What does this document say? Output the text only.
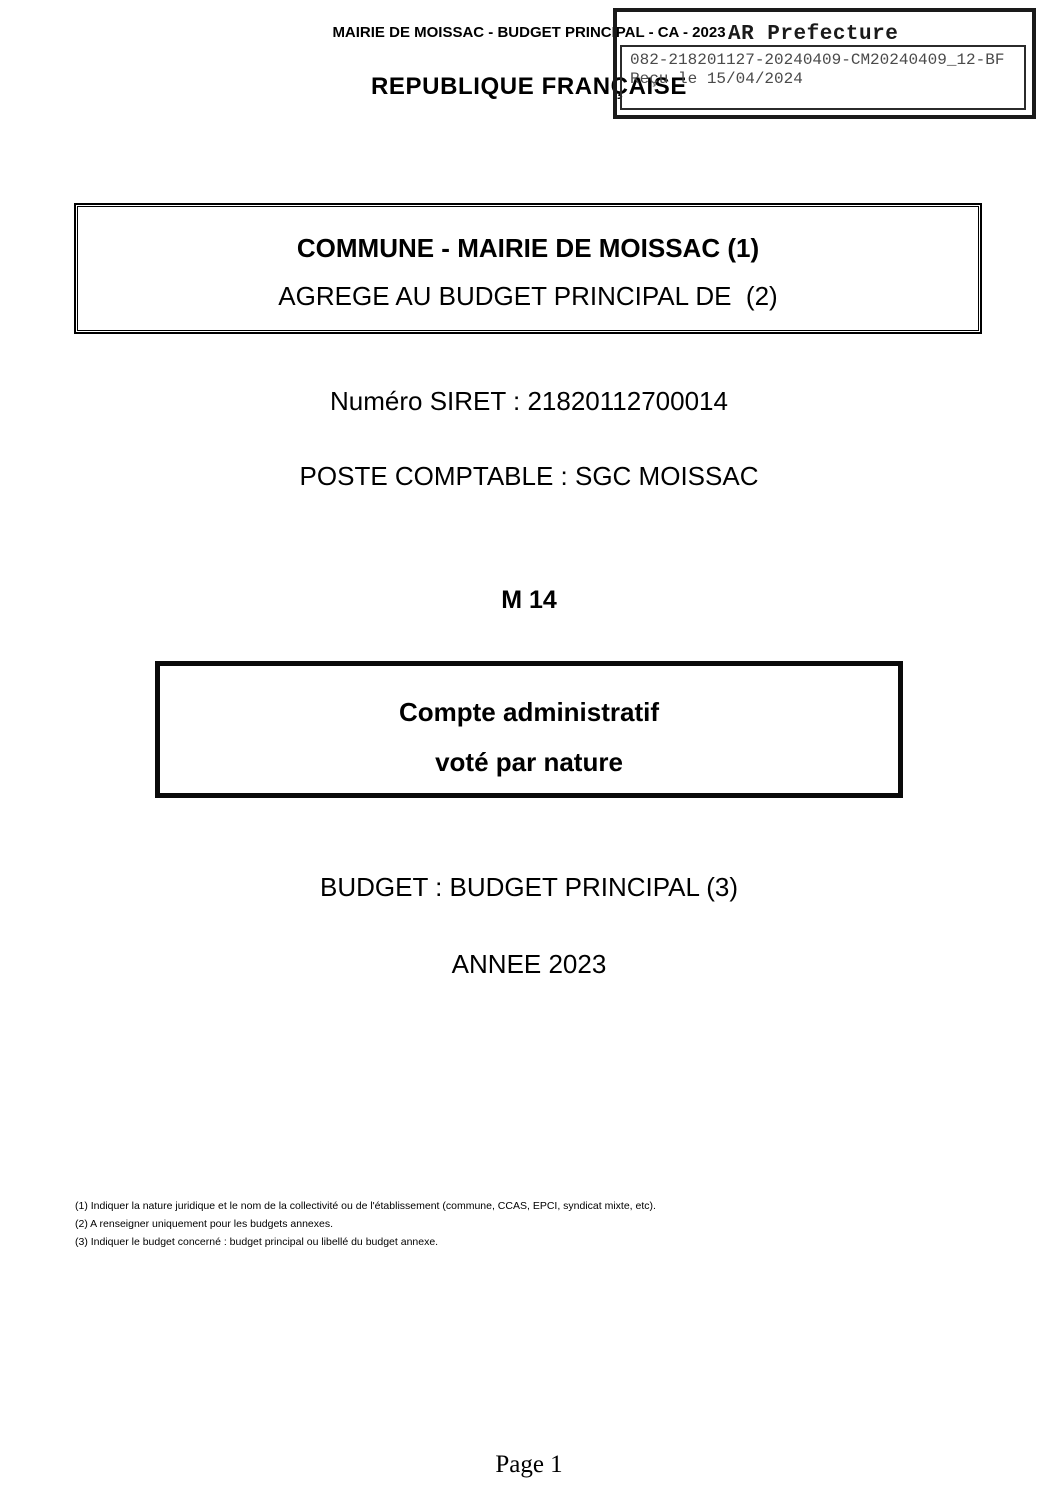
MAIRIE DE MOISSAC - BUDGET PRINCIPAL - CA - 2023
REPUBLIQUE FRANÇAISE
AR Prefecture
082-218201127-20240409-CM20240409_12-BF
Reçu le 15/04/2024
COMMUNE - MAIRIE DE MOISSAC (1)
AGREGE AU BUDGET PRINCIPAL DE  (2)
Numéro SIRET : 21820112700014
POSTE COMPTABLE : SGC MOISSAC
M 14
Compte administratif
voté par nature
BUDGET : BUDGET PRINCIPAL (3)
ANNEE 2023
(1) Indiquer la nature juridique et le nom de la collectivité ou de l'établissement (commune, CCAS, EPCI, syndicat mixte, etc).
(2) A renseigner uniquement pour les budgets annexes.
(3) Indiquer le budget concerné : budget principal ou libellé du budget annexe.
Page 1
